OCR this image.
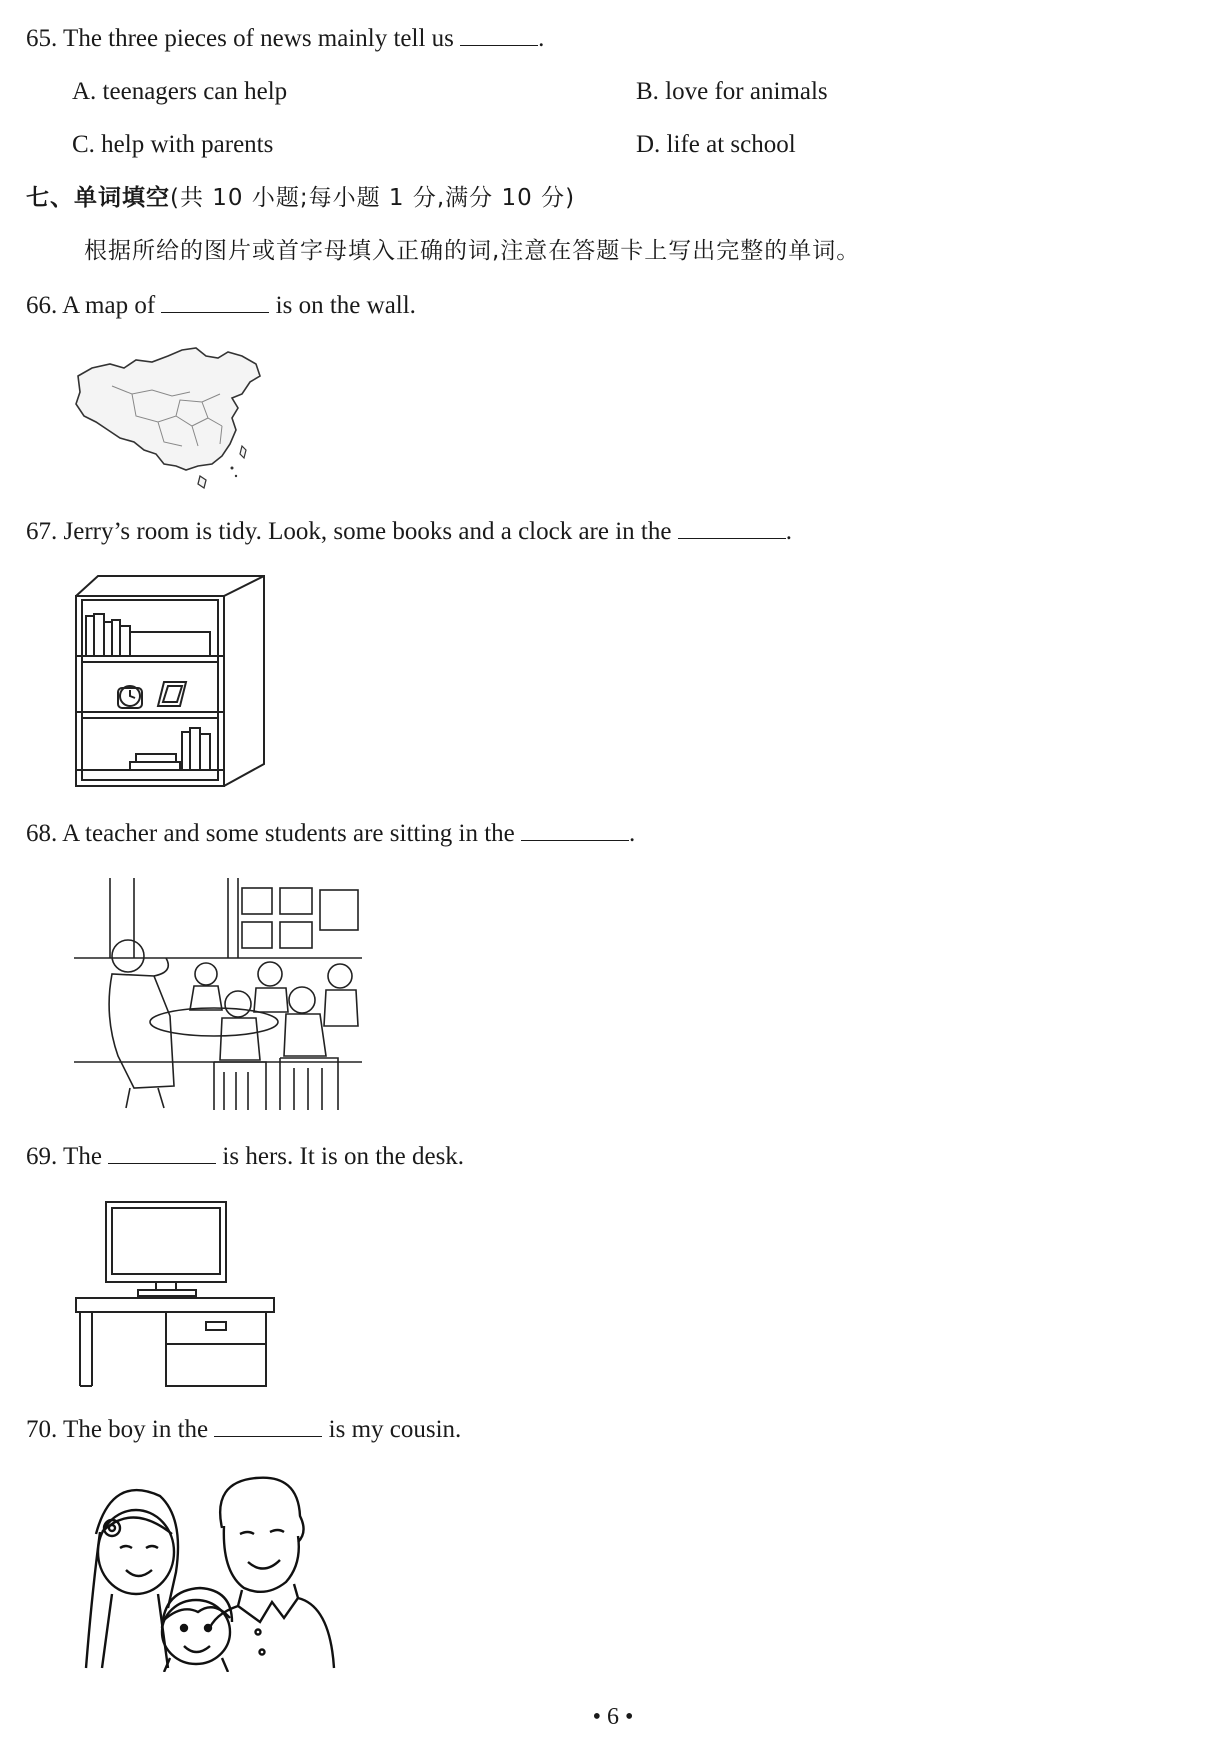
65. The three pieces of news mainly tell us	.
A. teenagers can help	B. love for animals
C. help with parents	D. life at school
七、单词填空(共 10 小题;每小题 1 分,满分 10 分)
根据所给的图片或首字母填入正确的词,注意在答题卡上写出完整的单词。
66. A map of	is on the wall.
67. Jerry’s room is tidy. Look, some books and a clock are in the	.
68. A teacher and some students are sitting in the	.
69. The	is hers. It is on the desk.
70. The boy in the	is my cousin.
• 6 •
